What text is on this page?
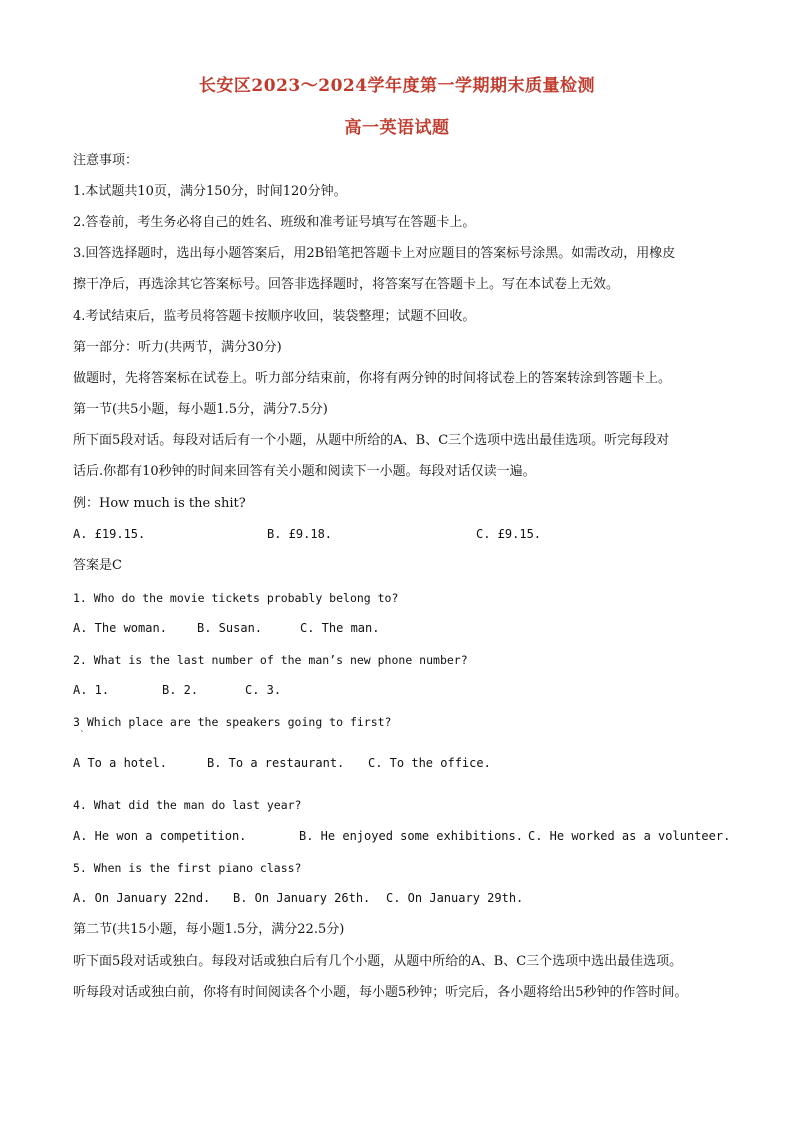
长安区2023～2024学年度第一学期期末质量检测
高一英语试题
注意事项：
1.本试题共10页，满分150分，时间120分钟。
2.答卷前，考生务必将自己的姓名、班级和准考证号填写在答题卡上。
3.回答选择题时，选出每小题答案后，用2B铅笔把答题卡上对应题目的答案标号涂黑。如需改动，用橡皮
擦干净后，再选涂其它答案标号。回答非选择题时，将答案写在答题卡上。写在本试卷上无效。
4.考试结束后，监考员将答题卡按顺序收回，装袋整理；试题不回收。
第一部分：听力(共两节，满分30分)
做题时，先将答案标在试卷上。听力部分结束前，你将有两分钟的时间将试卷上的答案转涂到答题卡上。
第一节(共5小题，每小题1.5分，满分7.5分)
所下面5段对话。每段对话后有一个小题，从题中所给的A、B、C三个选项中选出最佳选项。听完每段对
话后.你都有10秒钟的时间来回答有关小题和阅读下一小题。每段对话仅读一遍。
例：How much is the shit?
A. £19.15.	B. £9.18.	C. £9.15.
答案是C
1. Who do the movie tickets probably belong to?
A. The woman.	B. Susan.	C. The man.
2. What is the last number of the man’s new phone number?
A. 1.	B. 2.	C. 3.
3 Which place are the speakers going to first?
`
A To a hotel.	B. To a restaurant. C. To the office.
4. What did the man do last year?
A. He won a competition.	B. He enjoyed some exhibitions. C. He worked as a volunteer.
5. When is the first piano class?
A. On January 22nd. B. On January 26th. C. On January 29th.
第二节(共15小题，每小题1.5分，满分22.5分)
听下面5段对话或独白。每段对话或独白后有几个小题，从题中所给的A、B、C三个选项中选出最佳选项。
听每段对话或独白前，你将有时间阅读各个小题，每小题5秒钟；听完后，各小题将给出5秒钟的作答时间。
